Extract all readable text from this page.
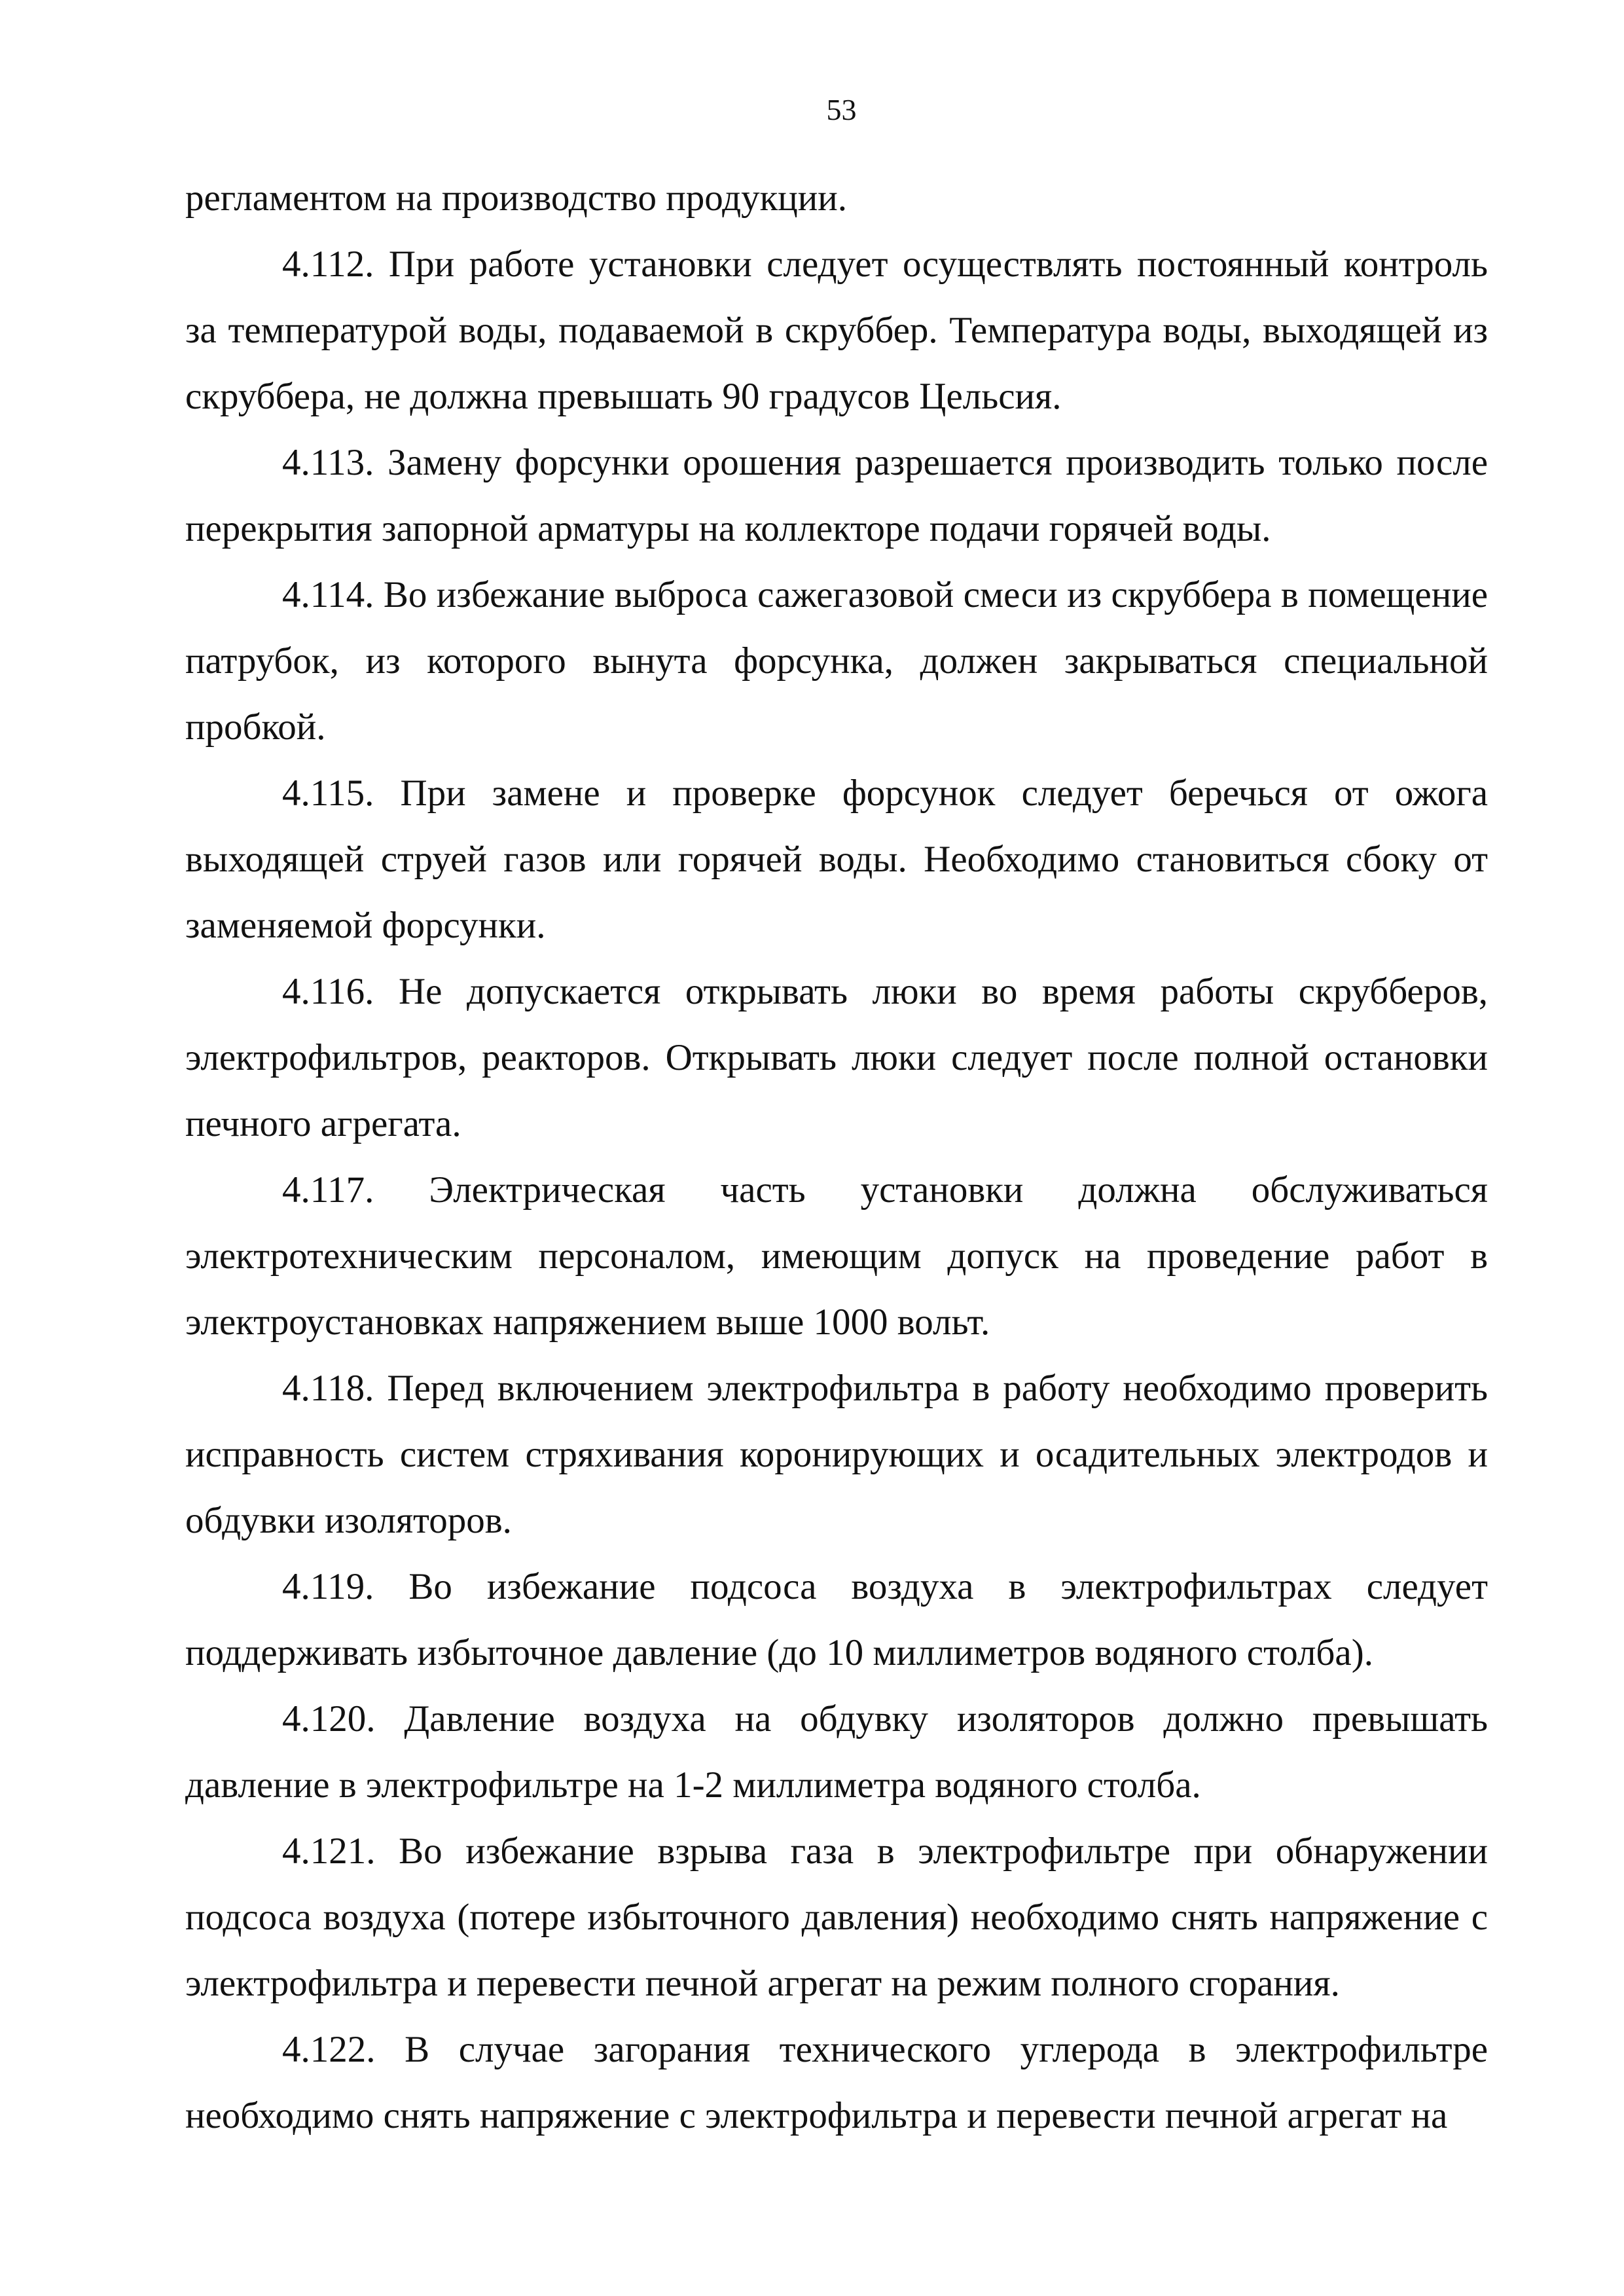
53

регламентом на производство продукции.

4.112. При работе установки следует осуществлять постоянный контроль за температурой воды, подаваемой в скруббер. Температура воды, выходящей из скруббера, не должна превышать 90 градусов Цельсия.

4.113. Замену форсунки орошения разрешается производить только после перекрытия запорной арматуры на коллекторе подачи горячей воды.

4.114. Во избежание выброса сажегазовой смеси из скруббера в помещение патрубок, из которого вынута форсунка, должен закрываться специальной пробкой.

4.115. При замене и проверке форсунок следует беречься от ожога выходящей струей газов или горячей воды. Необходимо становиться сбоку от заменяемой форсунки.

4.116. Не допускается открывать люки во время работы скрубберов, электрофильтров, реакторов. Открывать люки следует после полной остановки печного агрегата.

4.117. Электрическая часть установки должна обслуживаться электротехническим персоналом, имеющим допуск на проведение работ в электроустановках напряжением выше 1000 вольт.

4.118. Перед включением электрофильтра в работу необходимо проверить исправность систем стряхивания коронирующих и осадительных электродов и обдувки изоляторов.

4.119. Во избежание подсоса воздуха в электрофильтрах следует поддерживать избыточное давление (до 10 миллиметров водяного столба).

4.120. Давление воздуха на обдувку изоляторов должно превышать давление в электрофильтре на 1-2 миллиметра водяного столба.

4.121. Во избежание взрыва газа в электрофильтре при обнаружении подсоса воздуха (потере избыточного давления) необходимо снять напряжение с электрофильтра и перевести печной агрегат на режим полного сгорания.

4.122. В случае загорания технического углерода в электрофильтре необходимо снять напряжение с электрофильтра и перевести печной агрегат на
